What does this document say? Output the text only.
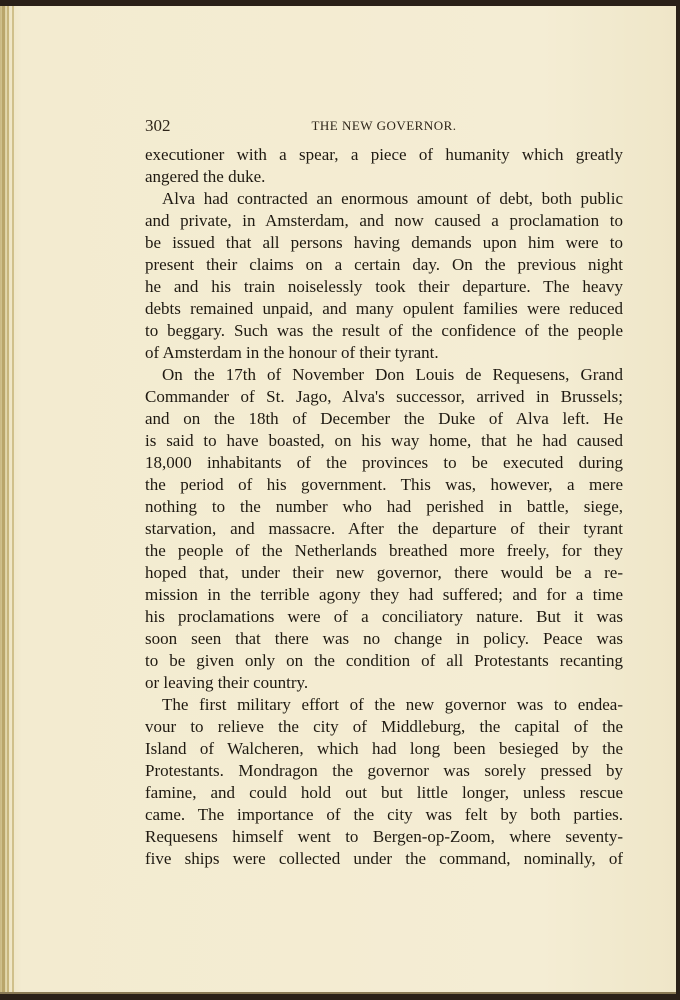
302	THE NEW GOVERNOR.
executioner with a spear, a piece of humanity which greatly
angered the duke.
Alva had contracted an enormous amount of debt, both public
and private, in Amsterdam, and now caused a proclamation to
be issued that all persons having demands upon him were to
present their claims on a certain day. On the previous night
he and his train noiselessly took their departure. The heavy
debts remained unpaid, and many opulent families were reduced
to beggary. Such was the result of the confidence of the people
of Amsterdam in the honour of their tyrant.
On the 17th of November Don Louis de Requesens, Grand
Commander of St. Jago, Alva's successor, arrived in Brussels;
and on the 18th of December the Duke of Alva left. He
is said to have boasted, on his way home, that he had caused
18,000 inhabitants of the provinces to be executed during
the period of his government. This was, however, a mere
nothing to the number who had perished in battle, siege,
starvation, and massacre. After the departure of their tyrant
the people of the Netherlands breathed more freely, for they
hoped that, under their new governor, there would be a re-
mission in the terrible agony they had suffered; and for a time
his proclamations were of a conciliatory nature. But it was
soon seen that there was no change in policy. Peace was
to be given only on the condition of all Protestants recanting
or leaving their country.
The first military effort of the new governor was to endea-
vour to relieve the city of Middleburg, the capital of the
Island of Walcheren, which had long been besieged by the
Protestants. Mondragon the governor was sorely pressed by
famine, and could hold out but little longer, unless rescue
came. The importance of the city was felt by both parties.
Requesens himself went to Bergen-op-Zoom, where seventy-
five ships were collected under the command, nominally, of
